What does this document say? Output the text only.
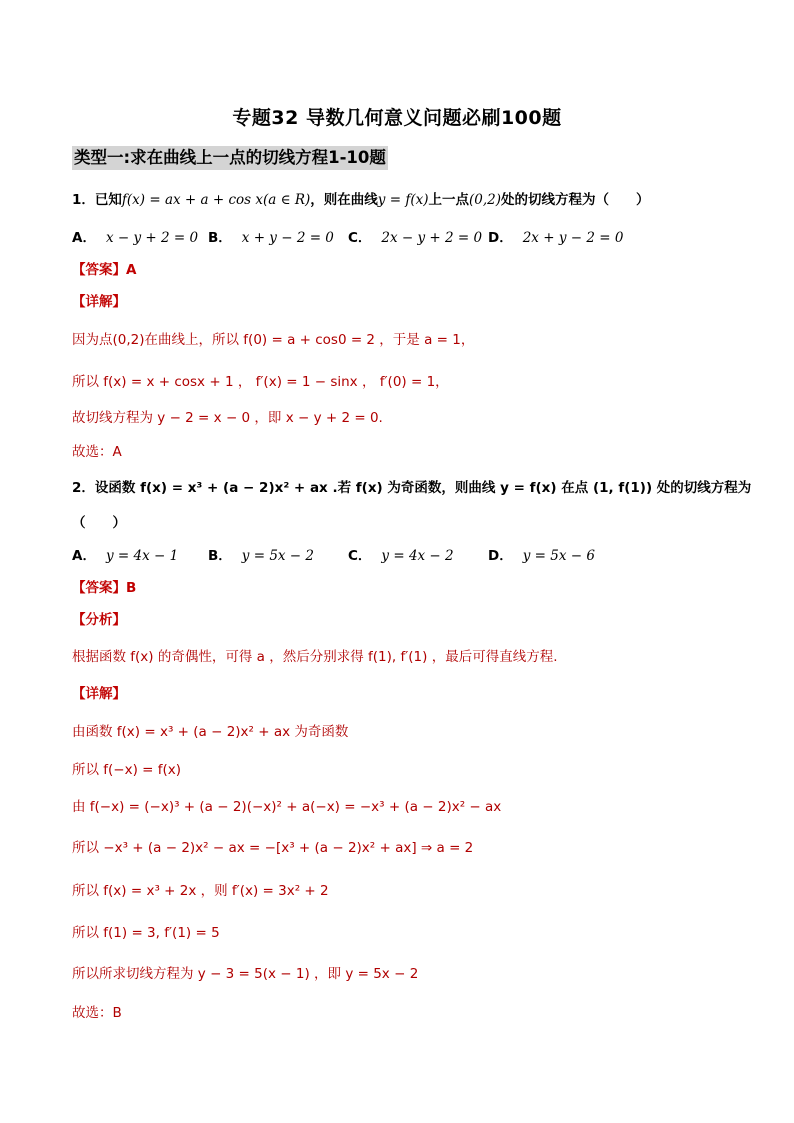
专题32 导数几何意义问题必刷100题
类型一:求在曲线上一点的切线方程1-10题
1．已知f(x) = ax + a + cos x(a ∈ R)，则在曲线y = f(x)上一点(0,2)处的切线方程为（　　）
A． x − y + 2 = 0 B． x + y − 2 = 0 C． 2x − y + 2 = 0 D． 2x + y − 2 = 0
【答案】A
【详解】
因为点(0,2)在曲线上，所以 f(0) = a + cos0 = 2 ，于是 a = 1，
所以 f(x) = x + cosx + 1 ， f′(x) = 1 − sinx ， f′(0) = 1，
故切线方程为 y − 2 = x − 0 ，即 x − y + 2 = 0.
故选：A
2．设函数 f(x) = x³ + (a − 2)x² + ax .若 f(x) 为奇函数，则曲线 y = f(x) 在点 (1, f(1)) 处的切线方程为
（　　）
A． y = 4x − 1 B． y = 5x − 2	C． y = 4x − 2	D． y = 5x − 6
【答案】B
【分析】
根据函数 f(x) 的奇偶性，可得 a ，然后分别求得 f(1), f′(1) ，最后可得直线方程.
【详解】
由函数 f(x) = x³ + (a − 2)x² + ax 为奇函数
所以 f(−x) = f(x)
由 f(−x) = (−x)³ + (a − 2)(−x)² + a(−x) = −x³ + (a − 2)x² − ax
所以 −x³ + (a − 2)x² − ax = −[x³ + (a − 2)x² + ax] ⇒ a = 2
所以 f(x) = x³ + 2x ，则 f′(x) = 3x² + 2
所以 f(1) = 3, f′(1) = 5
所以所求切线方程为 y − 3 = 5(x − 1) ，即 y = 5x − 2
故选：B
